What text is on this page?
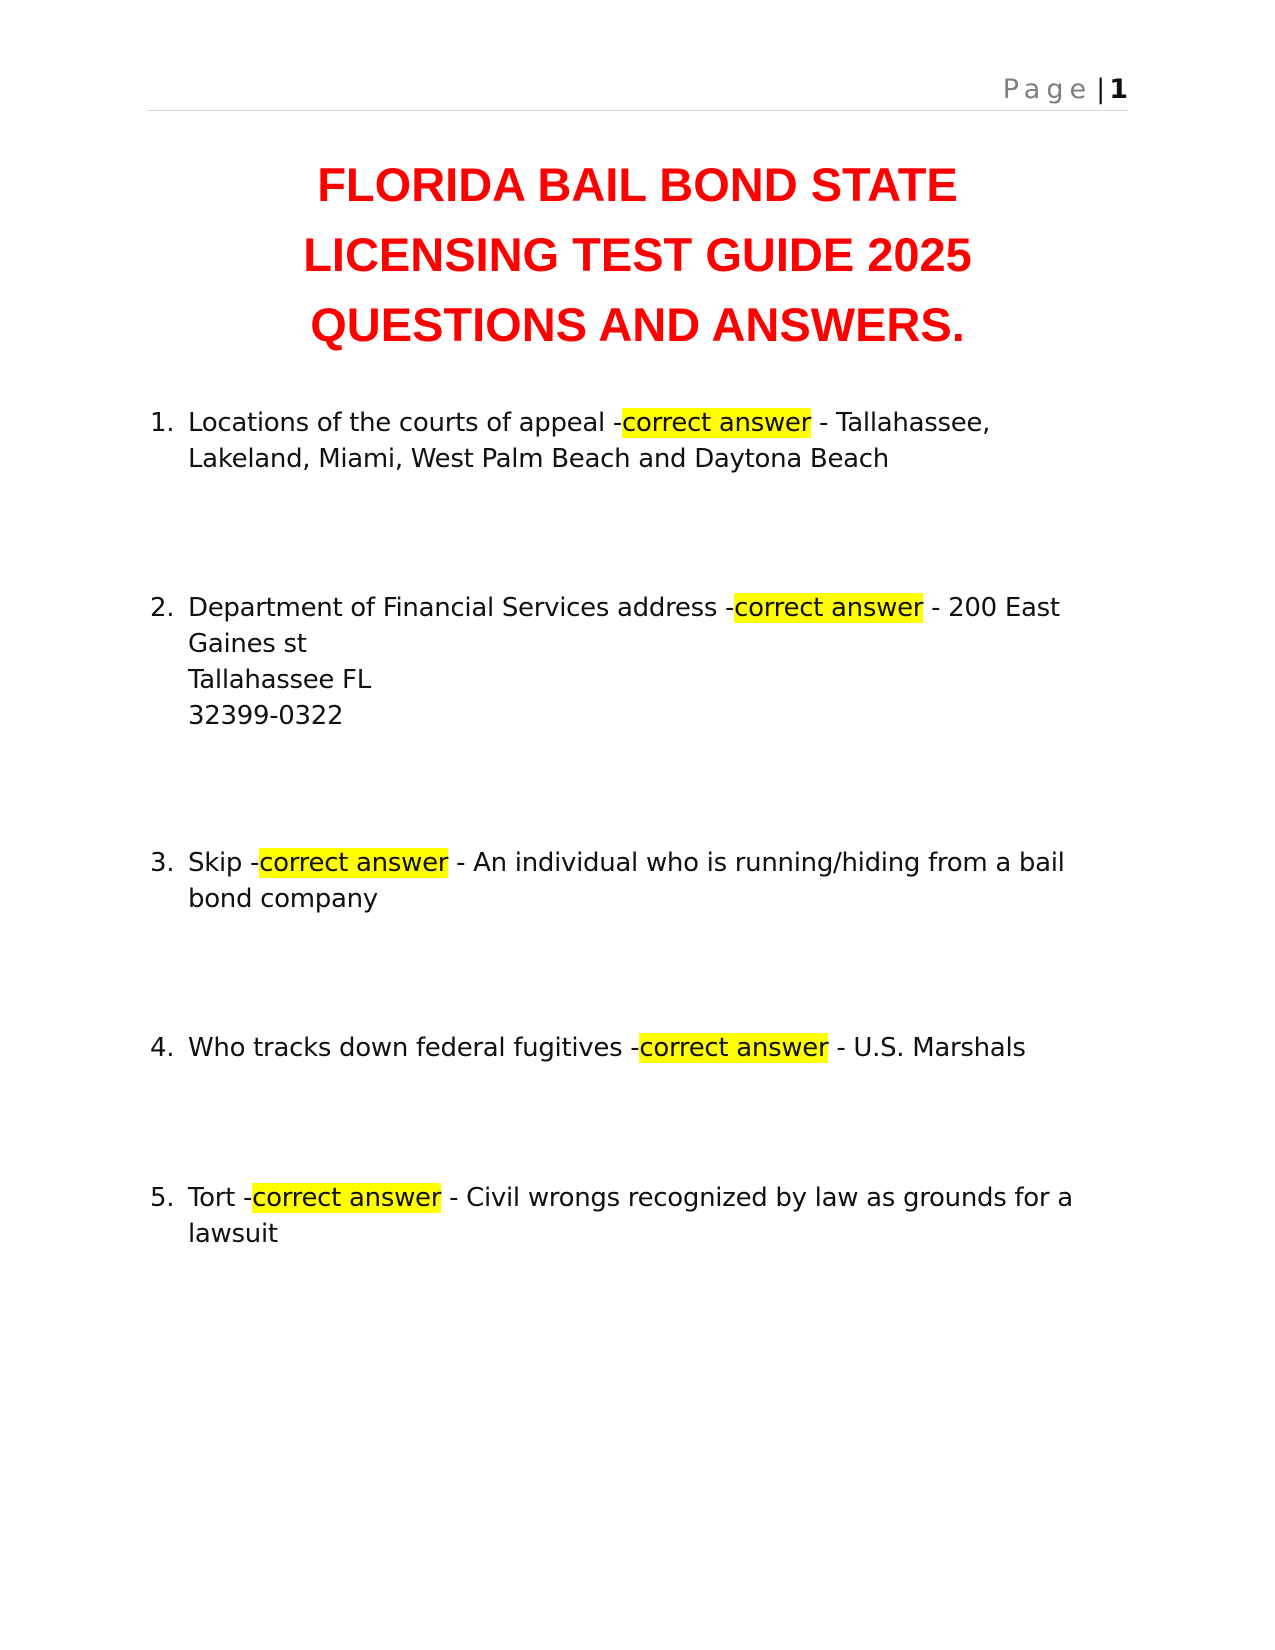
Page | 1
FLORIDA BAIL BOND STATE
LICENSING TEST GUIDE 2025
QUESTIONS AND ANSWERS.
1. Locations of the courts of appeal -correct answer - Tallahassee,
Lakeland, Miami, West Palm Beach and Daytona Beach
2. Department of Financial Services address -correct answer - 200 East
Gaines st
Tallahassee FL
32399-0322
3. Skip -correct answer - An individual who is running/hiding from a bail
bond company
4. Who tracks down federal fugitives -correct answer - U.S. Marshals
5. Tort -correct answer - Civil wrongs recognized by law as grounds for a
lawsuit
